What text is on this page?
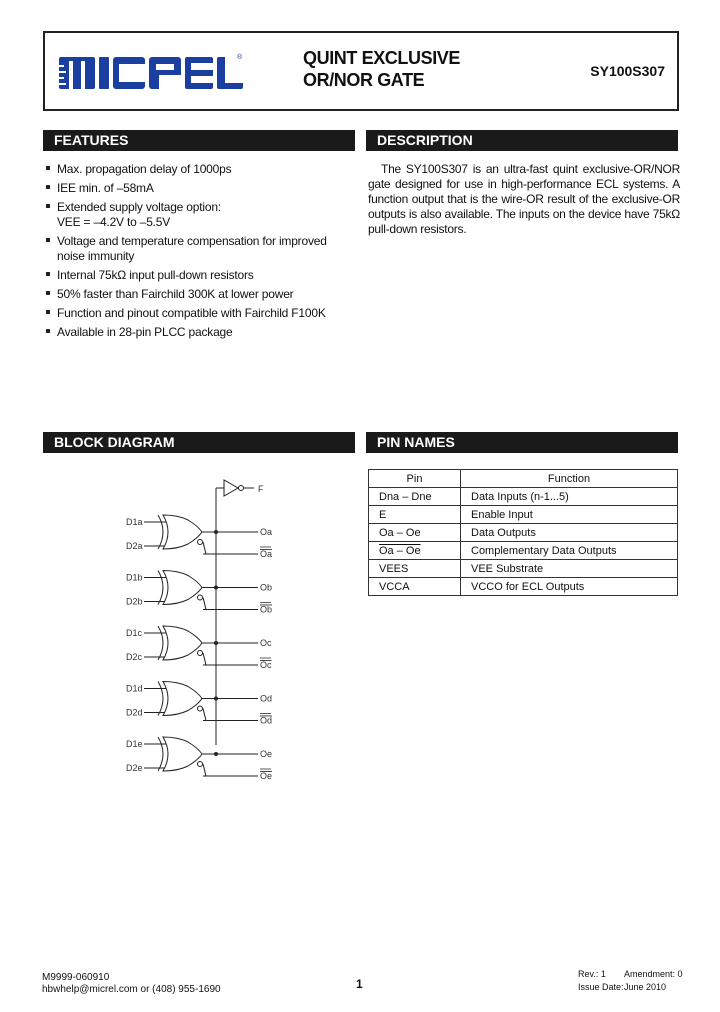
®	QUINT EXCLUSIVE
OR/NOR GATE	SY100S307
FEATURES
Max. propagation delay of 1000ps
IEE min. of –58mA
Extended supply voltage option:
VEE = –4.2V to –5.5V
Voltage and temperature compensation for improved
noise immunity
Internal 75kΩ input pull-down resistors
50% faster than Fairchild 300K at lower power
Function and pinout compatible with Fairchild F100K
Available in 28-pin PLCC package
DESCRIPTION

The SY100S307 is an ultra-fast quint exclusive-OR/NOR gate designed for use in high-performance ECL systems. A function output that is the wire-OR result of the exclusive-OR outputs is also available. The inputs on the device have 75kΩ pull-down resistors.

BLOCK DIAGRAM
F
D1a
D2a
Oa
Oa
D1b
D2b
Ob
Ob
D1c
D2c
Oc
Oc
D1d
D2d
Od
Od
D1e
D2e
Oe
Oe
PIN NAMES
Pin	Function
Dna – Dne	Data Inputs (n-1...5)
E	Enable Input
Oa – Oe	Data Outputs
Oa – Oe	Complementary Data Outputs
VEES	VEE Substrate
VCCA	VCCO for ECL Outputs
M9999-060910
hbwhelp@micrel.com or (408) 955-1690	1
Rev.: 1	Amendment: 0
Issue Date: June 2010
